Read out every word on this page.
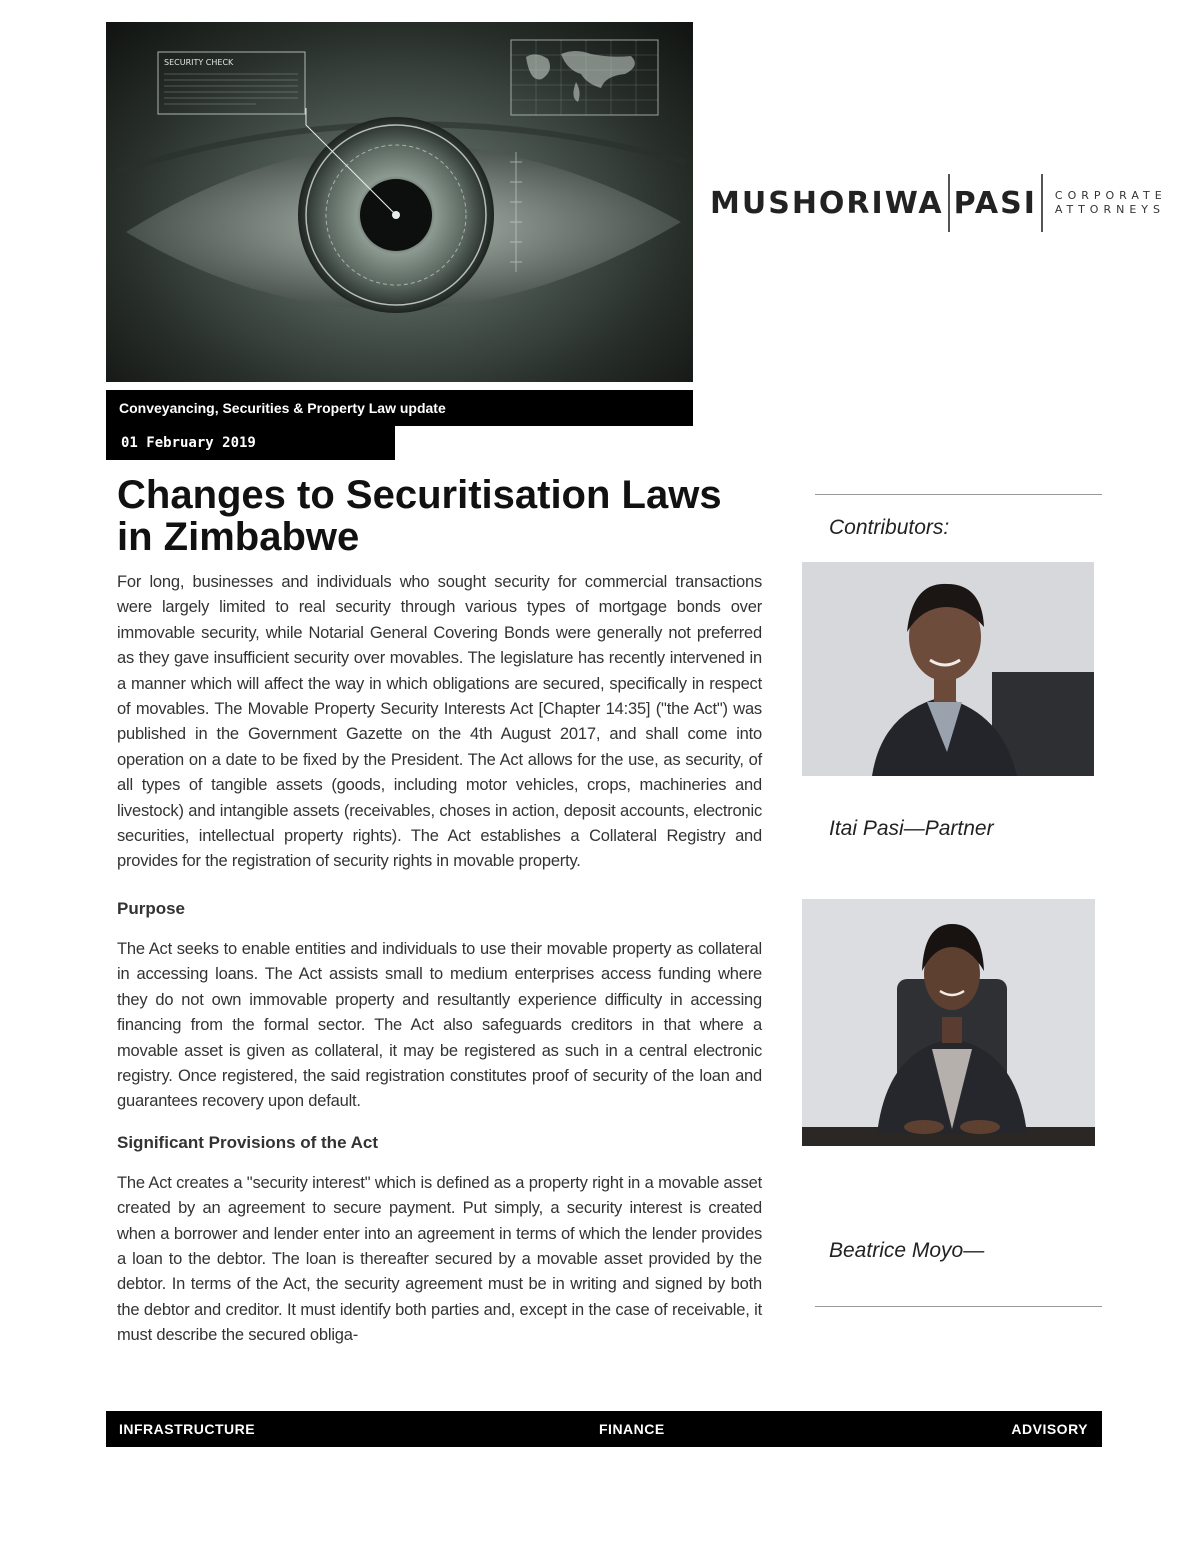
SECURITY CHECK
MUSHORIWA PASI	CORPORATE
ATTORNEYS
Conveyancing, Securities & Property Law update
01 February 2019
Changes to Securitisation Laws in Zimbabwe

For long, businesses and individuals who sought security for commercial transactions were largely limited to real security through various types of mortgage bonds over immovable security, while Notarial General Covering Bonds were generally not preferred as they gave insufficient security over movables. The legislature has recently intervened in a manner which will affect the way in which obligations are secured, specifically in respect of movables. The Movable Property Security Interests Act [Chapter 14:35] ("the Act") was published in the Government Gazette on the 4th August 2017, and shall come into operation on a date to be fixed by the President. The Act allows for the use, as security, of all types of tangible assets (goods, including motor vehicles, crops, machineries and livestock) and intangible assets (receivables, choses in action, deposit accounts, electronic securities, intellectual property rights). The Act establishes a Collateral Registry and provides for the registration of security rights in movable property.

Purpose

The Act seeks to enable entities and individuals to use their movable property as collateral in accessing loans. The Act assists small to medium enterprises access funding where they do not own immovable property and resultantly experience difficulty in accessing financing from the formal sector. The Act also safeguards creditors in that where a movable asset is given as collateral, it may be registered as such in a central electronic registry. Once registered, the said registration constitutes proof of security of the loan and guarantees recovery upon default.

Significant Provisions of the Act

The Act creates a "security interest" which is defined as a property right in a movable asset created by an agreement to secure payment. Put simply, a security interest is created when a borrower and lender enter into an agreement in terms of which the lender provides a loan to the debtor. The loan is thereafter secured by a movable asset provided by the debtor. In terms of the Act, the security agreement must be in writing and signed by both the debtor and creditor. It must identify both parties and, except in the case of receivable, it must describe the secured obliga-

Contributors:
Itai Pasi—Partner
Beatrice Moyo—
INFRASTRUCTURE	FINANCE	ADVISORY
